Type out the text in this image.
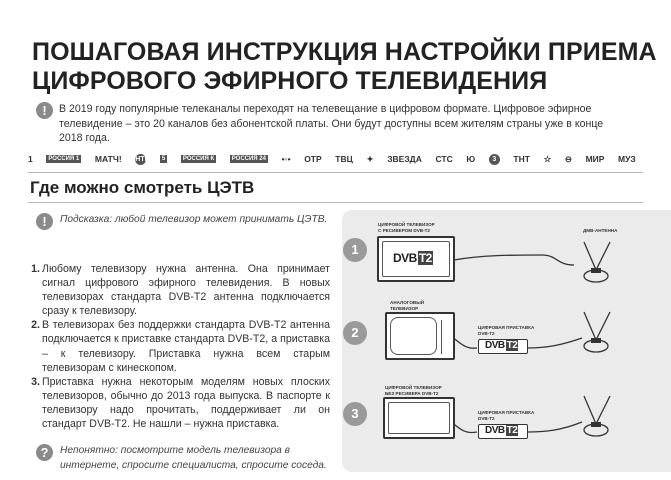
ПОШАГОВАЯ ИНСТРУКЦИЯ НАСТРОЙКИ ПРИЕМА
ЦИФРОВОГО ЭФИРНОГО ТЕЛЕВИДЕНИЯ
!	В 2019 году популярные телеканалы переходят на телевещание в цифровом формате. Цифровое эфирное телевидение – это 20 каналов без абонентской платы. Они будут доступны всем жителям страны уже в конце 2018 года.
1	РОССИЯ 1 МАТЧ! НТВ	5	РОССИЯ К	РОССИЯ 24 •◦• ОТР ТВЦ ✦ ЗВЕЗДА СТС Ю	3	ТНТ ☆ ⊖ МИР МУЗ
Где можно смотреть ЦЭТВ
!	Подсказка: любой телевизор может принимать ЦЭТВ.
1. Любому телевизору нужна антенна. Она принимает сигнал цифрового эфирного телевидения. В новых телевизорах стандарта DVB-T2 антенна подключается сразу к телевизору.
2. В телевизорах без поддержки стандарта DVB-T2 антенна подключается к приставке стандарта DVB-T2, а приставка – к телевизору. Приставка нужна всем старым телевизорам с кинескопом.
3. Приставка нужна некоторым моделям новых плоских телевизоров, обычно до 2013 года выпуска. В паспорте к телевизору надо прочитать, поддерживает ли он стандарт DVB-T2. Не нашли – нужна приставка.
?	Непонятно: посмотрите модель телевизора в интернете, спросите специалиста, спросите соседа.
1
ЦИФРОВОЙ ТЕЛЕВИЗОР
С РЕСИВЕРОМ DVB-T2
DVB T2
ДМВ-АНТЕННА
2
АНАЛОГОВЫЙ
ТЕЛЕВИЗОР
ЦИФРОВАЯ ПРИСТАВКА
DVB-T2
DVB T2
3
ЦИФРОВОЙ ТЕЛЕВИЗОР
БЕЗ РЕСИВЕРА DVB-T2
ЦИФРОВАЯ ПРИСТАВКА
DVB-T2
DVB T2
